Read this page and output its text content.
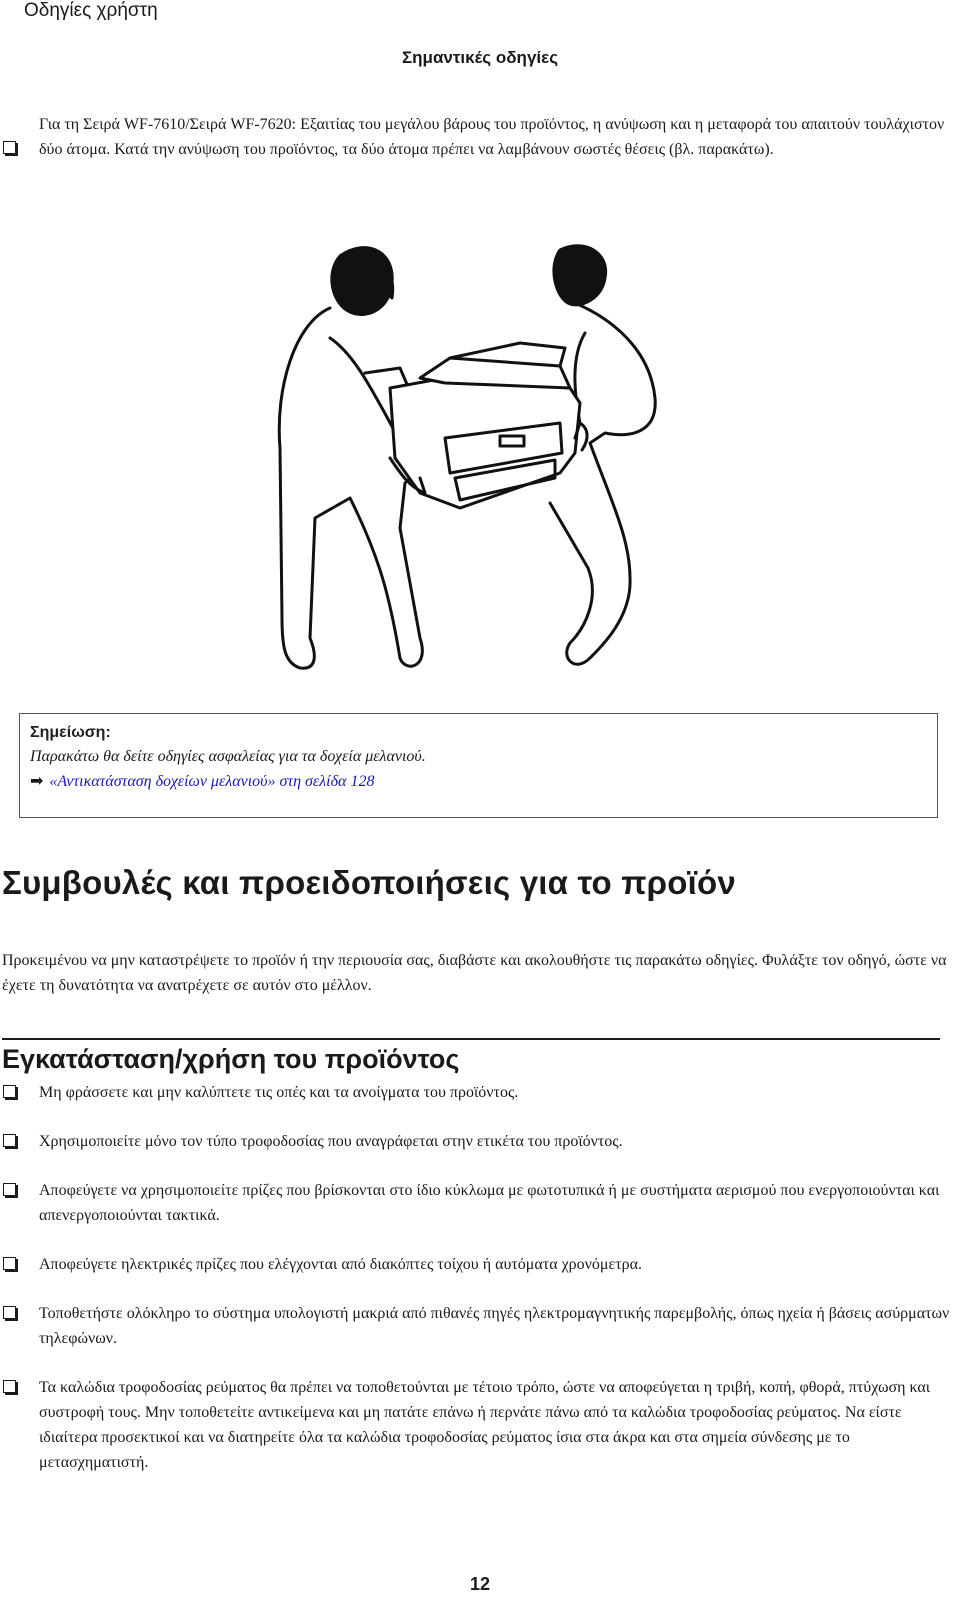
Οδηγίες χρήστη
Σημαντικές οδηγίες
Για τη Σειρά WF-7610/Σειρά WF-7620: Εξαιτίας του μεγάλου βάρους του προϊόντος, η ανύψωση και η μεταφορά του απαιτούν τουλάχιστον δύο άτομα. Κατά την ανύψωση του προϊόντος, τα δύο άτομα πρέπει να λαμβάνουν σωστές θέσεις (βλ. παρακάτω).
Σημείωση:
Παρακάτω θα δείτε οδηγίες ασφαλείας για τα δοχεία μελανιού.
➡ «Αντικατάσταση δοχείων μελανιού» στη σελίδα 128
Συμβουλές και προειδοποιήσεις για το προϊόν
Προκειμένου να μην καταστρέψετε το προϊόν ή την περιουσία σας, διαβάστε και ακολουθήστε τις παρακάτω οδηγίες. Φυλάξτε τον οδηγό, ώστε να έχετε τη δυνατότητα να ανατρέχετε σε αυτόν στο μέλλον.
Εγκατάσταση/χρήση του προϊόντος
Μη φράσσετε και μην καλύπτετε τις οπές και τα ανοίγματα του προϊόντος.
Χρησιμοποιείτε μόνο τον τύπο τροφοδοσίας που αναγράφεται στην ετικέτα του προϊόντος.
Αποφεύγετε να χρησιμοποιείτε πρίζες που βρίσκονται στο ίδιο κύκλωμα με φωτοτυπικά ή με συστήματα αερισμού που ενεργοποιούνται και απενεργοποιούνται τακτικά.
Αποφεύγετε ηλεκτρικές πρίζες που ελέγχονται από διακόπτες τοίχου ή αυτόματα χρονόμετρα.
Τοποθετήστε ολόκληρο το σύστημα υπολογιστή μακριά από πιθανές πηγές ηλεκτρομαγνητικής παρεμβολής, όπως ηχεία ή βάσεις ασύρματων τηλεφώνων.
Τα καλώδια τροφοδοσίας ρεύματος θα πρέπει να τοποθετούνται με τέτοιο τρόπο, ώστε να αποφεύγεται η τριβή, κοπή, φθορά, πτύχωση και συστροφή τους. Μην τοποθετείτε αντικείμενα και μη πατάτε επάνω ή περνάτε πάνω από τα καλώδια τροφοδοσίας ρεύματος. Να είστε ιδιαίτερα προσεκτικοί και να διατηρείτε όλα τα καλώδια τροφοδοσίας ρεύματος ίσια στα άκρα και στα σημεία σύνδεσης με το μετασχηματιστή.
12
